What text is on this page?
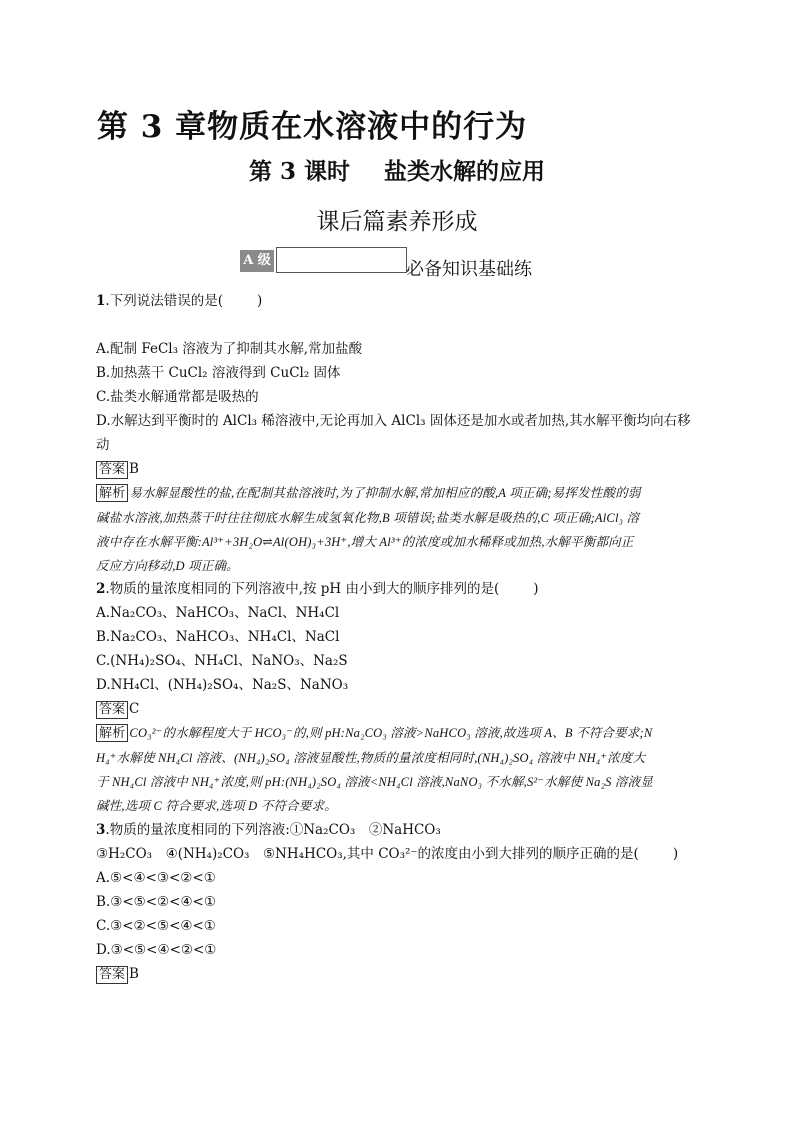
第 3 章物质在水溶液中的行为
第 3 课时 盐类水解的应用
课后篇素养形成
A 级	必备知识基础练
1.下列说法错误的是(	)
A.配制 FeCl₃ 溶液为了抑制其水解,常加盐酸
B.加热蒸干 CuCl₂ 溶液得到 CuCl₂ 固体
C.盐类水解通常都是吸热的
D.水解达到平衡时的 AlCl₃ 稀溶液中,无论再加入 AlCl₃ 固体还是加水或者加热,其水解平衡均向右移
动
答案 B
解析 易水解显酸性的盐,在配制其盐溶液时,为了抑制水解,常加相应的酸,A 项正确;易挥发性酸的弱
碱盐水溶液,加热蒸干时往往彻底水解生成氢氧化物,B 项错误;盐类水解是吸热的,C 项正确;AlCl₃ 溶
液中存在水解平衡:Al³⁺+3H₂O⇌Al(OH)₃+3H⁺,增大 Al³⁺的浓度或加水稀释或加热,水解平衡都向正
反应方向移动,D 项正确。
2.物质的量浓度相同的下列溶液中,按 pH 由小到大的顺序排列的是(	)
A.Na₂CO₃、NaHCO₃、NaCl、NH₄Cl
B.Na₂CO₃、NaHCO₃、NH₄Cl、NaCl
C.(NH₄)₂SO₄、NH₄Cl、NaNO₃、Na₂S
D.NH₄Cl、(NH₄)₂SO₄、Na₂S、NaNO₃
答案 C
解析 CO₃²⁻的水解程度大于 HCO₃⁻的,则 pH:Na₂CO₃ 溶液>NaHCO₃ 溶液,故选项 A、B 不符合要求;N
H₄⁺水解使 NH₄Cl 溶液、(NH₄)₂SO₄ 溶液显酸性,物质的量浓度相同时,(NH₄)₂SO₄ 溶液中 NH₄⁺浓度大
于 NH₄Cl 溶液中 NH₄⁺浓度,则 pH:(NH₄)₂SO₄ 溶液<NH₄Cl 溶液,NaNO₃ 不水解,S²⁻水解使 Na₂S 溶液显
碱性,选项 C 符合要求,选项 D 不符合要求。
3.物质的量浓度相同的下列溶液:①Na₂CO₃　②NaHCO₃
③H₂CO₃　④(NH₄)₂CO₃　⑤NH₄HCO₃,其中 CO₃²⁻的浓度由小到大排列的顺序正确的是(	)
A.⑤<④<③<②<①
B.③<⑤<②<④<①
C.③<②<⑤<④<①
D.③<⑤<④<②<①
答案 B
